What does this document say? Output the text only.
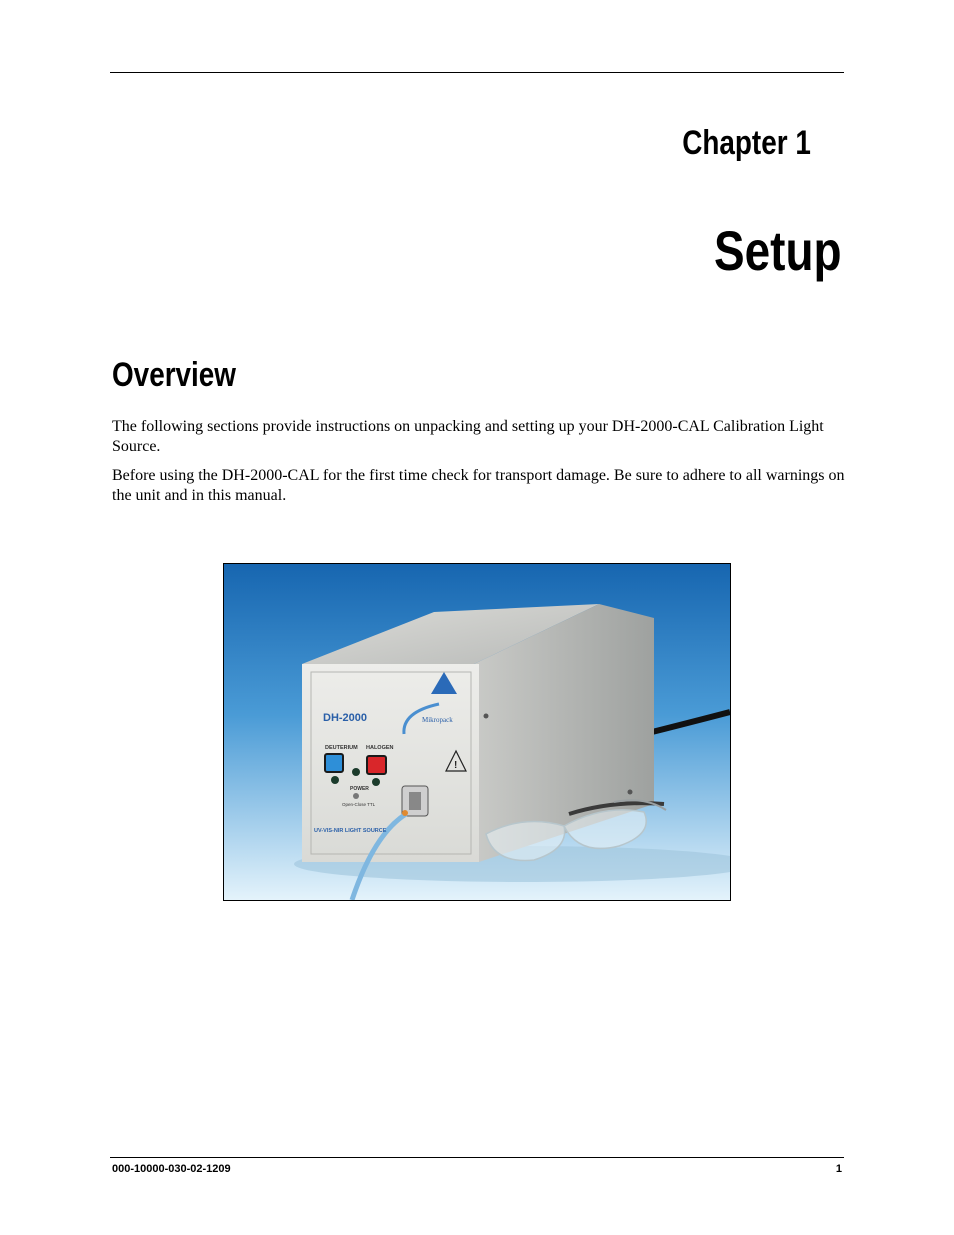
Chapter 1
Setup
Overview

The following sections provide instructions on unpacking and setting up your DH-2000-CAL Calibration Light Source.

Before using the DH-2000-CAL for the first time check for transport damage. Be sure to adhere to all warnings on the unit and in this manual.

DH-2000	Mikropack
DEUTERIUM HALOGEN
POWER
Open-Close TTL
!
UV-VIS-NIR LIGHT SOURCE
000-10000-030-02-1209	1
